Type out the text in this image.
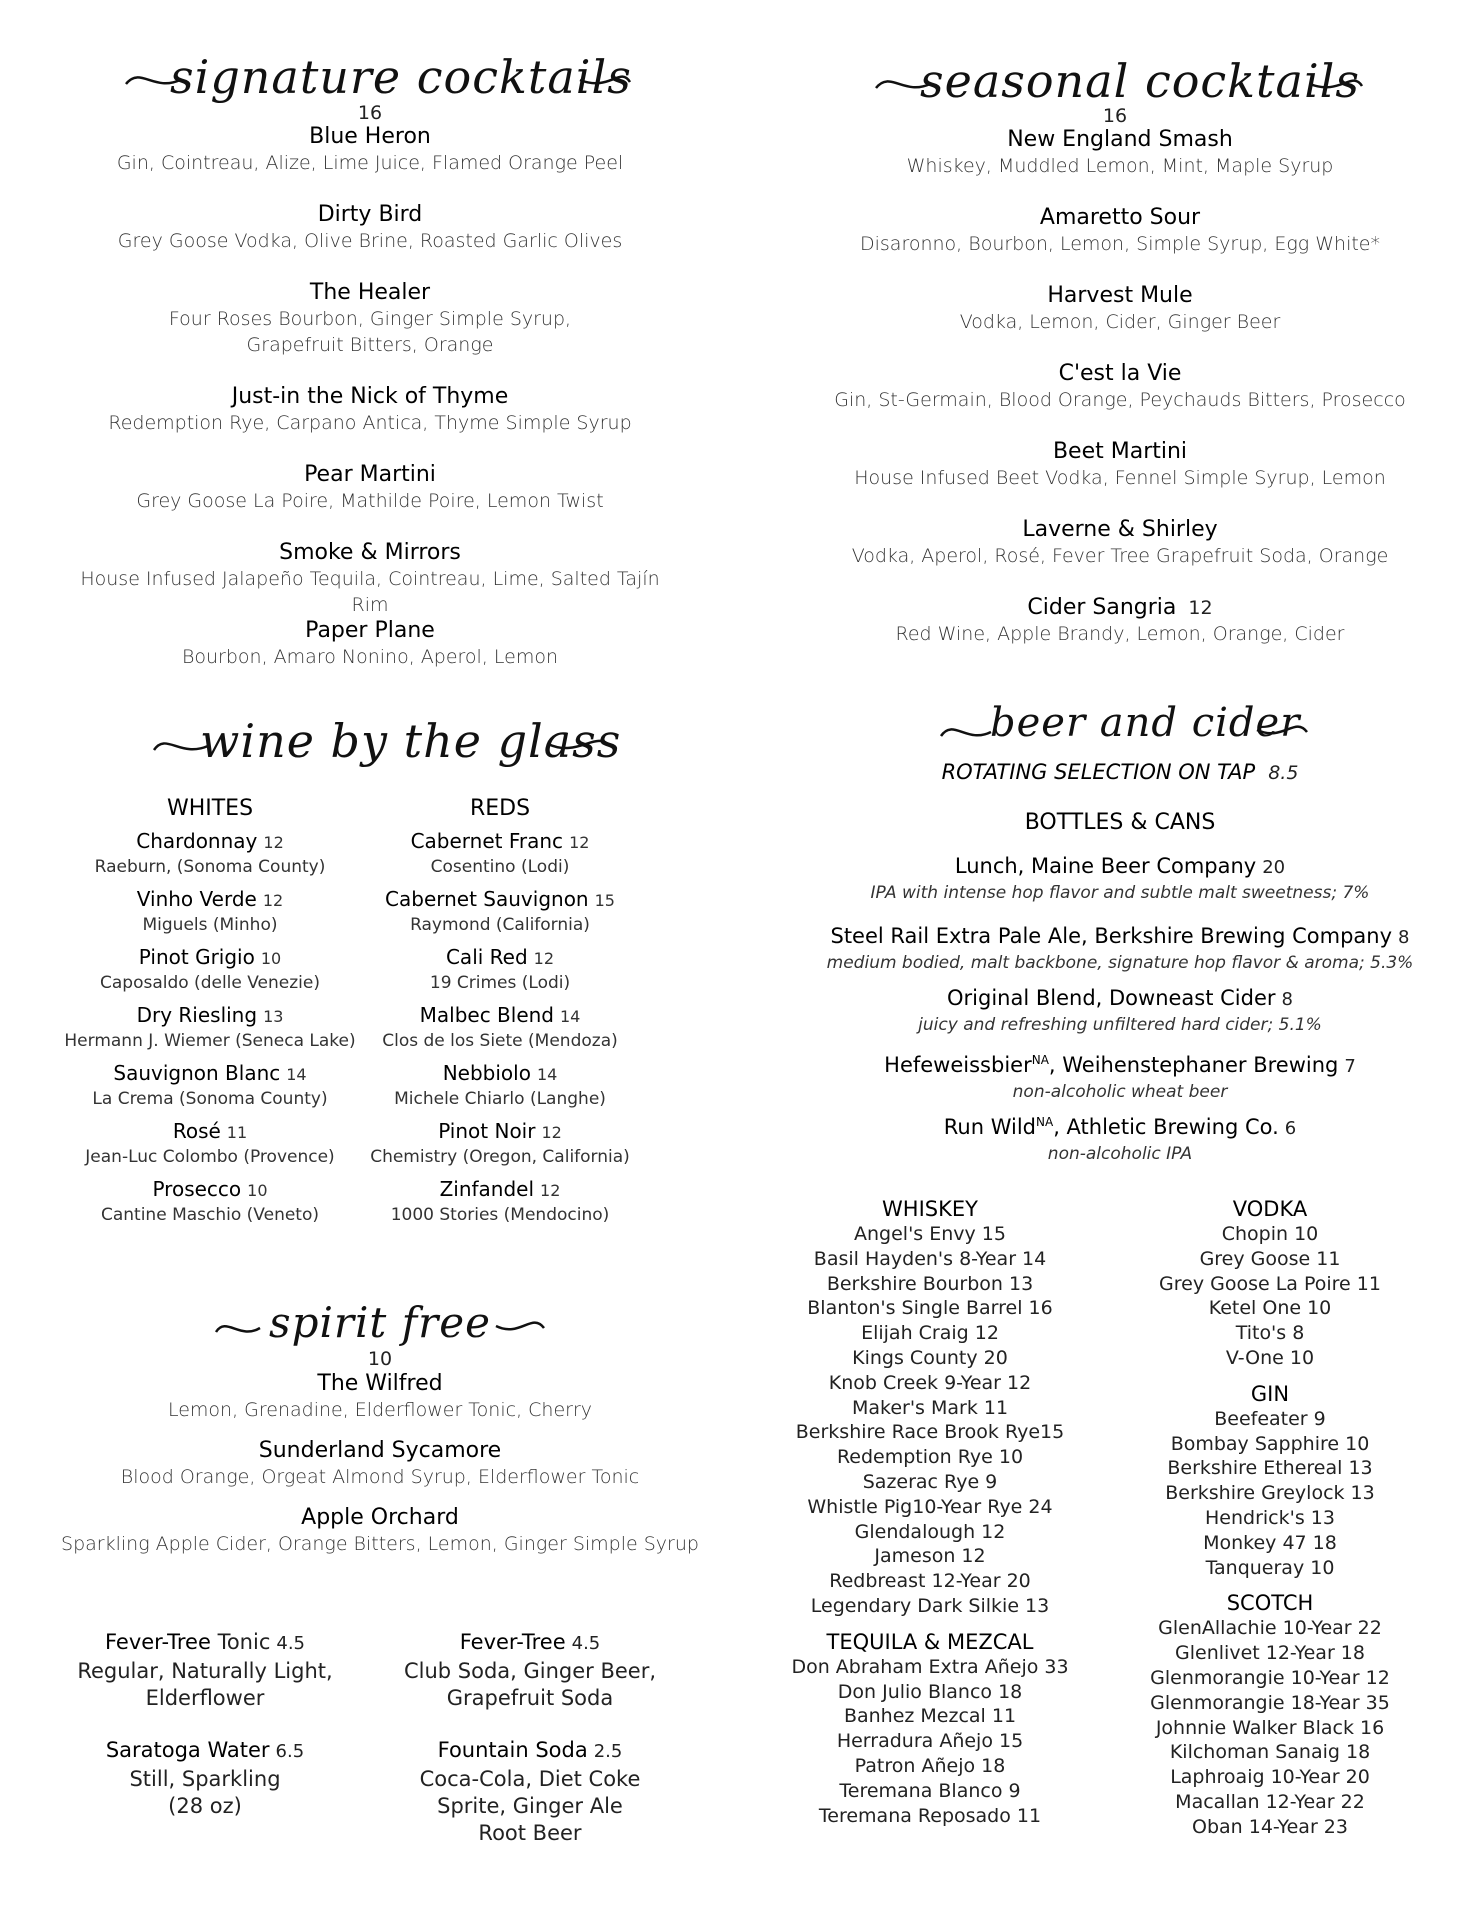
signature cocktails
16
Blue Heron
Gin, Cointreau, Alize, Lime Juice, Flamed Orange Peel
Dirty Bird
Grey Goose Vodka, Olive Brine, Roasted Garlic Olives
The Healer
Four Roses Bourbon, Ginger Simple Syrup,
Grapefruit Bitters, Orange
Just-in the Nick of Thyme
Redemption Rye, Carpano Antica, Thyme Simple Syrup
Pear Martini
Grey Goose La Poire, Mathilde Poire, Lemon Twist
Smoke & Mirrors
House Infused Jalapeño Tequila, Cointreau, Lime, Salted Tajín Rim
Paper Plane
Bourbon, Amaro Nonino, Aperol, Lemon
seasonal cocktails
16
New England Smash
Whiskey, Muddled Lemon, Mint, Maple Syrup
Amaretto Sour
Disaronno, Bourbon, Lemon, Simple Syrup, Egg White*
Harvest Mule
Vodka, Lemon, Cider, Ginger Beer
C'est la Vie
Gin, St-Germain, Blood Orange, Peychauds Bitters, Prosecco
Beet Martini
House Infused Beet Vodka, Fennel Simple Syrup, Lemon
Laverne & Shirley
Vodka, Aperol, Rosé, Fever Tree Grapefruit Soda, Orange
Cider Sangria 12
Red Wine, Apple Brandy, Lemon, Orange, Cider
wine by the glass
WHITES	REDS
Chardonnay 12
Raeburn, (Sonoma County)
Vinho Verde 12
Miguels (Minho)
Pinot Grigio 10
Caposaldo (delle Venezie)
Dry Riesling 13
Hermann J. Wiemer (Seneca Lake)
Sauvignon Blanc 14
La Crema (Sonoma County)
Rosé 11
Jean-Luc Colombo (Provence)
Prosecco 10
Cantine Maschio (Veneto)
Cabernet Franc 12
Cosentino (Lodi)
Cabernet Sauvignon 15
Raymond (California)
Cali Red 12
19 Crimes (Lodi)
Malbec Blend 14
Clos de los Siete (Mendoza)
Nebbiolo 14
Michele Chiarlo (Langhe)
Pinot Noir 12
Chemistry (Oregon, California)
Zinfandel 12
1000 Stories (Mendocino)
beer and cider
ROTATING SELECTION ON TAP 8.5
BOTTLES & CANS
Lunch, Maine Beer Company 20
IPA with intense hop flavor and subtle malt sweetness; 7%
Steel Rail Extra Pale Ale, Berkshire Brewing Company 8
medium bodied, malt backbone, signature hop flavor & aroma; 5.3%
Original Blend, Downeast Cider 8
juicy and refreshing unfiltered hard cider; 5.1%
Hefeweissbier$^{NA}$, Weihenstephaner Brewing 7
non-alcoholic wheat beer
Run Wild$^{NA}$, Athletic Brewing Co. 6
non-alcoholic IPA
spirit free
10
The Wilfred
Lemon, Grenadine, Elderflower Tonic, Cherry
Sunderland Sycamore
Blood Orange, Orgeat Almond Syrup, Elderflower Tonic
Apple Orchard
Sparkling Apple Cider, Orange Bitters, Lemon, Ginger Simple Syrup
Fever-Tree Tonic 4.5
Regular, Naturally Light,
Elderflower
Fever-Tree 4.5
Club Soda, Ginger Beer,
Grapefruit Soda
Saratoga Water 6.5
Still, Sparkling
(28 oz)
Fountain Soda 2.5
Coca-Cola, Diet Coke
Sprite, Ginger Ale
Root Beer
WHISKEY
Angel's Envy 15
Basil Hayden's 8-Year 14
Berkshire Bourbon 13
Blanton's Single Barrel 16
Elijah Craig 12
Kings County 20
Knob Creek 9-Year 12
Maker's Mark 11
Berkshire Race Brook Rye15
Redemption Rye 10
Sazerac Rye 9
Whistle Pig10-Year Rye 24
Glendalough 12
Jameson 12
Redbreast 12-Year 20
Legendary Dark Silkie 13
TEQUILA & MEZCAL
Don Abraham Extra Añejo 33
Don Julio Blanco 18
Banhez Mezcal 11
Herradura Añejo 15
Patron Añejo 18
Teremana Blanco 9
Teremana Reposado 11
VODKA
Chopin 10
Grey Goose 11
Grey Goose La Poire 11
Ketel One 10
Tito's 8
V-One 10
GIN
Beefeater 9
Bombay Sapphire 10
Berkshire Ethereal 13
Berkshire Greylock 13
Hendrick's 13
Monkey 47 18
Tanqueray 10
SCOTCH
GlenAllachie 10-Year 22
Glenlivet 12-Year 18
Glenmorangie 10-Year 12
Glenmorangie 18-Year 35
Johnnie Walker Black 16
Kilchoman Sanaig 18
Laphroaig 10-Year 20
Macallan 12-Year 22
Oban 14-Year 23
